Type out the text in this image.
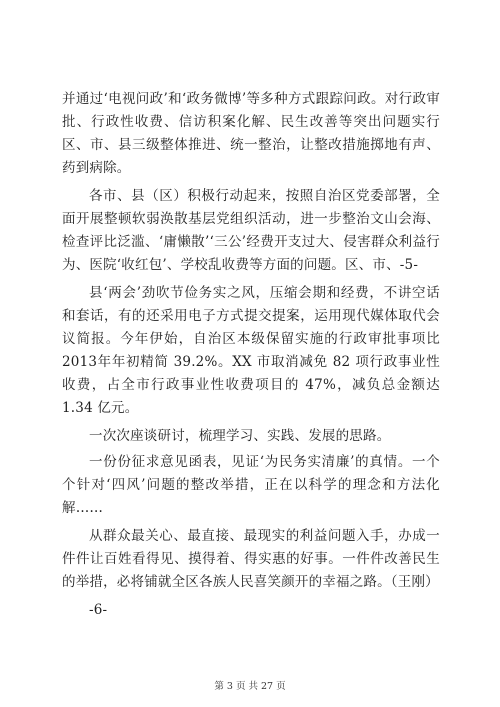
并通过‘电视问政’和‘政务微博’等多种方式跟踪问政。对行政审批、行政性收费、信访积案化解、民生改善等突出问题实行区、市、县三级整体推进、统一整治，让整改措施掷地有声、药到病除。

各市、县（区）积极行动起来，按照自治区党委部署，全面开展整顿软弱涣散基层党组织活动，进一步整治文山会海、检查评比泛滥、‘庸懒散’‘三公’经费开支过大、侵害群众利益行为、医院‘收红包’、学校乱收费等方面的问题。区、市、-5-

县‘两会’劲吹节俭务实之风，压缩会期和经费，不讲空话和套话，有的还采用电子方式提交提案，运用现代媒体取代会议简报。今年伊始，自治区本级保留实施的行政审批事项比2013年年初精简 39.2%。XX 市取消减免 82 项行政事业性收费，占全市行政事业性收费项目的 47%，减负总金额达 1.34 亿元。

一次次座谈研讨，梳理学习、实践、发展的思路。

一份份征求意见函表，见证‘为民务实清廉’的真情。一个个针对‘四风’问题的整改举措，正在以科学的理念和方法化解……

从群众最关心、最直接、最现实的利益问题入手，办成一件件让百姓看得见、摸得着、得实惠的好事。一件件改善民生的举措，必将铺就全区各族人民喜笑颜开的幸福之路。（王刚）

-6-

第 3 页 共 27 页
